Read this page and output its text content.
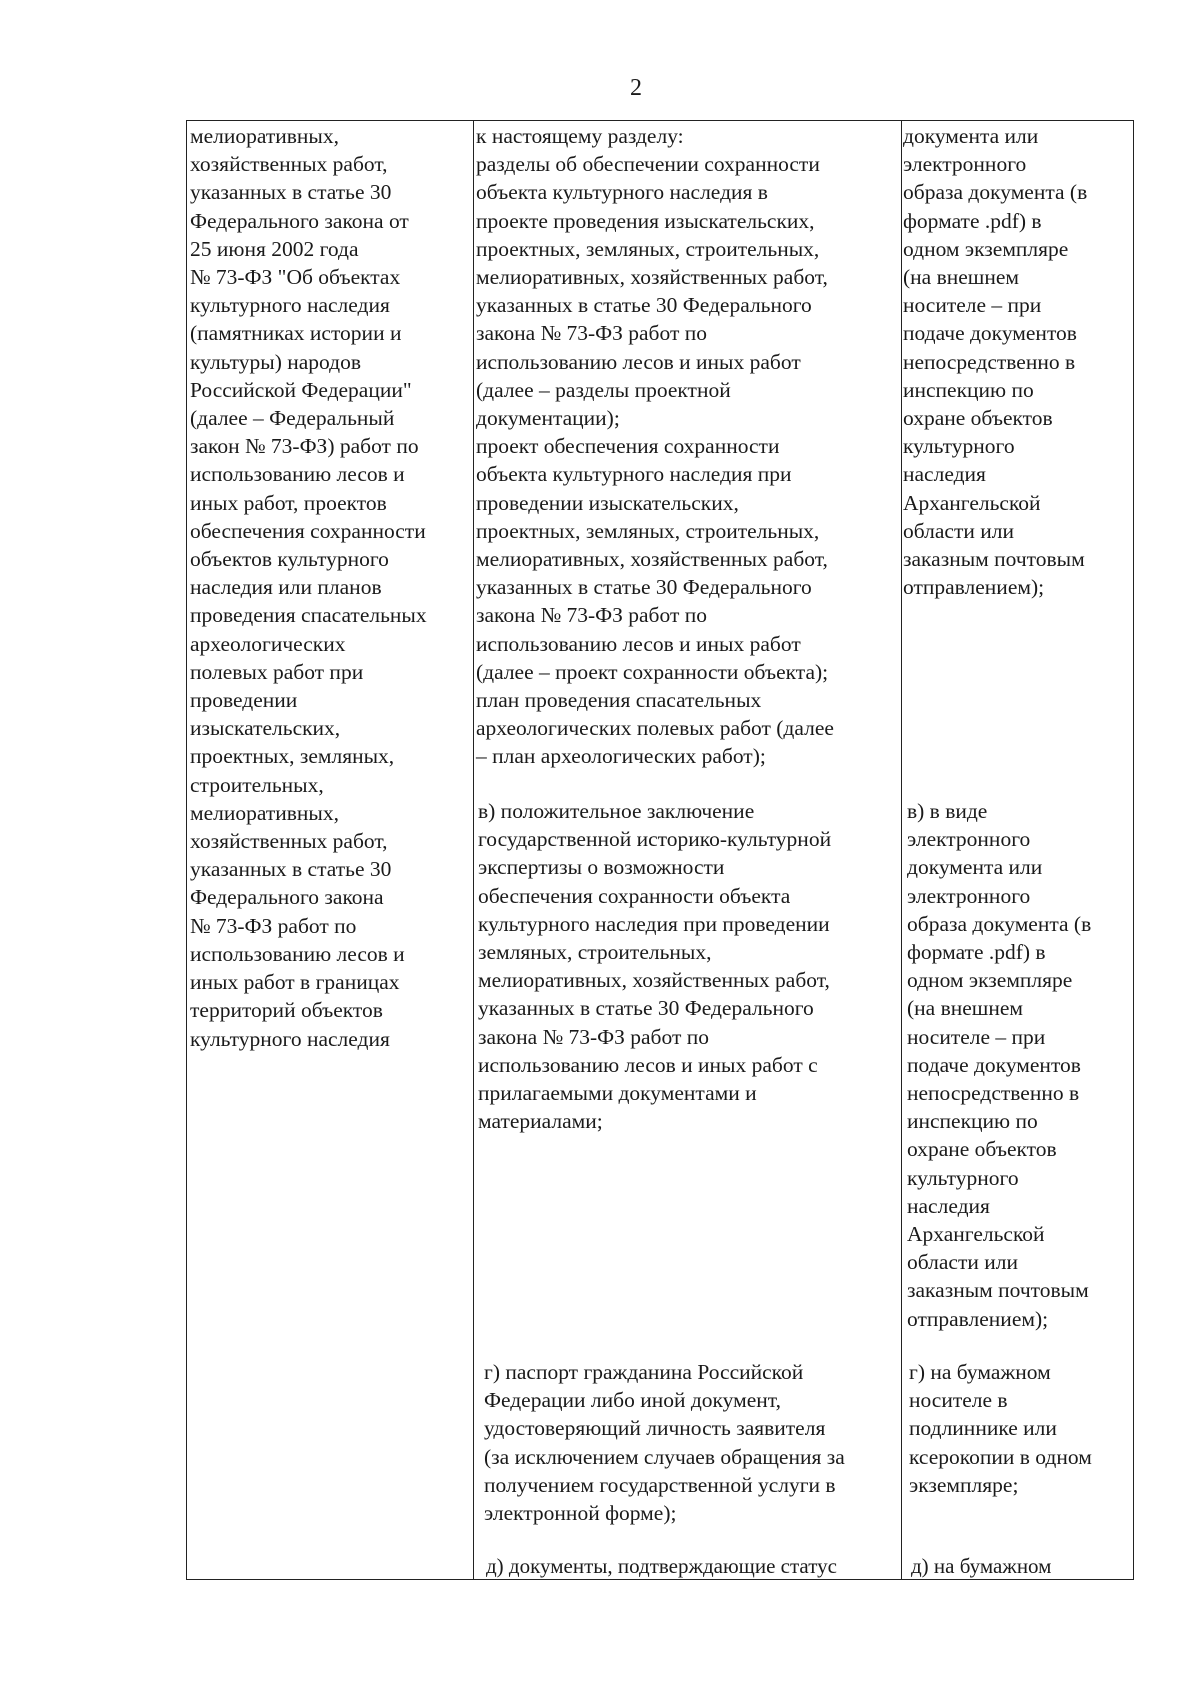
2
мелиоративных,
хозяйственных работ,
указанных в статье 30
Федерального закона от
25 июня 2002 года
№ 73-ФЗ "Об объектах
культурного наследия
(памятниках истории и
культуры) народов
Российской Федерации"
(далее – Федеральный
закон № 73-ФЗ) работ по
использованию лесов и
иных работ, проектов
обеспечения сохранности
объектов культурного
наследия или планов
проведения спасательных
археологических
полевых работ при
проведении
изыскательских,
проектных, земляных,
строительных,
мелиоративных,
хозяйственных работ,
указанных в статье 30
Федерального закона
№ 73-ФЗ работ по
использованию лесов и
иных работ в границах
территорий объектов
культурного наследия
к настоящему разделу:
разделы об обеспечении сохранности
объекта культурного наследия в
проекте проведения изыскательских,
проектных, земляных, строительных,
мелиоративных, хозяйственных работ,
указанных в статье 30 Федерального
закона № 73-ФЗ работ по
использованию лесов и иных работ
(далее – разделы проектной
документации);
проект обеспечения сохранности
объекта культурного наследия при
проведении изыскательских,
проектных, земляных, строительных,
мелиоративных, хозяйственных работ,
указанных в статье 30 Федерального
закона № 73-ФЗ работ по
использованию лесов и иных работ
(далее – проект сохранности объекта);
план проведения спасательных
археологических полевых работ (далее
– план археологических работ);
в) положительное заключение
государственной историко-культурной
экспертизы о возможности
обеспечения сохранности объекта
культурного наследия при проведении
земляных, строительных,
мелиоративных, хозяйственных работ,
указанных в статье 30 Федерального
закона № 73-ФЗ работ по
использованию лесов и иных работ с
прилагаемыми документами и
материалами;
г) паспорт гражданина Российской
Федерации либо иной документ,
удостоверяющий личность заявителя
(за исключением случаев обращения за
получением государственной услуги в
электронной форме);
д) документы, подтверждающие статус
документа или
электронного
образа документа (в
формате .pdf) в
одном экземпляре
(на внешнем
носителе – при
подаче документов
непосредственно в
инспекцию по
охране объектов
культурного
наследия
Архангельской
области или
заказным почтовым
отправлением);
в) в виде
электронного
документа или
электронного
образа документа (в
формате .pdf) в
одном экземпляре
(на внешнем
носителе – при
подаче документов
непосредственно в
инспекцию по
охране объектов
культурного
наследия
Архангельской
области или
заказным почтовым
отправлением);
г) на бумажном
носителе в
подлиннике или
ксерокопии в одном
экземпляре;
д) на бумажном
